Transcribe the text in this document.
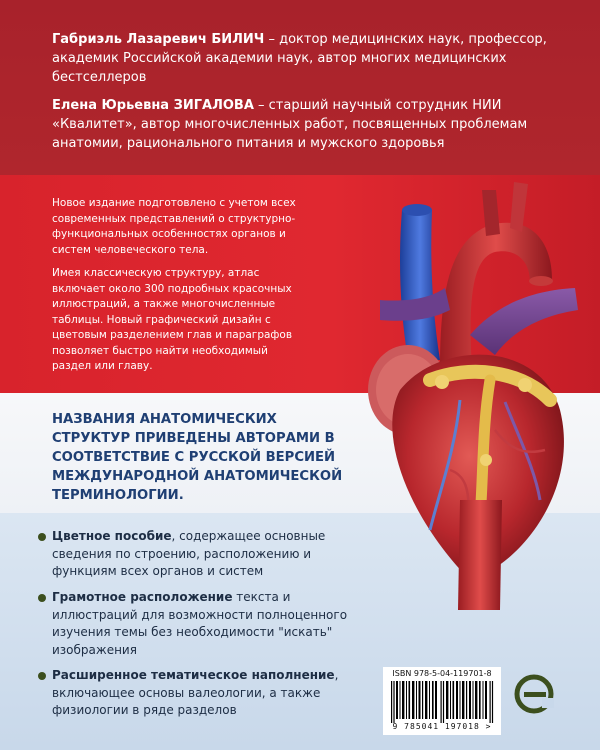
Габриэль Лазаревич БИЛИЧ – доктор медицинских наук, профессор, академик Российской академии наук, автор многих медицинских бестселлеров
Елена Юрьевна ЗИГАЛОВА – старший научный сотрудник НИИ «Квалитет», автор многочисленных работ, посвященных проблемам анатомии, рационального питания и мужского здоровья
Новое издание подготовлено с учетом всех современных представлений о структурно-функциональных особенностях органов и систем человеческого тела.
Имея классическую структуру, атлас включает около 300 подробных красочных иллюстраций, а также многочисленные таблицы. Новый графический дизайн с цветовым разделением глав и параграфов позволяет быстро найти необходимый раздел или главу.
НАЗВАНИЯ АНАТОМИЧЕСКИХ СТРУКТУР ПРИВЕДЕНЫ АВТОРАМИ В СООТВЕТСТВИЕ С РУССКОЙ ВЕРСИЕЙ МЕЖДУНАРОДНОЙ АНАТОМИЧЕСКОЙ ТЕРМИНОЛОГИИ.
Цветное пособие, содержащее основные сведения по строению, расположению и функциям всех органов и систем
Грамотное расположение текста и иллюстраций для возможности полноценного изучения темы без необходимости "искать" изображения
Расширенное тематическое наполнение, включающее основы валеологии, а также физиологии в ряде разделов
ISBN 978-5-04-119701-8
9 785041 197018 >
